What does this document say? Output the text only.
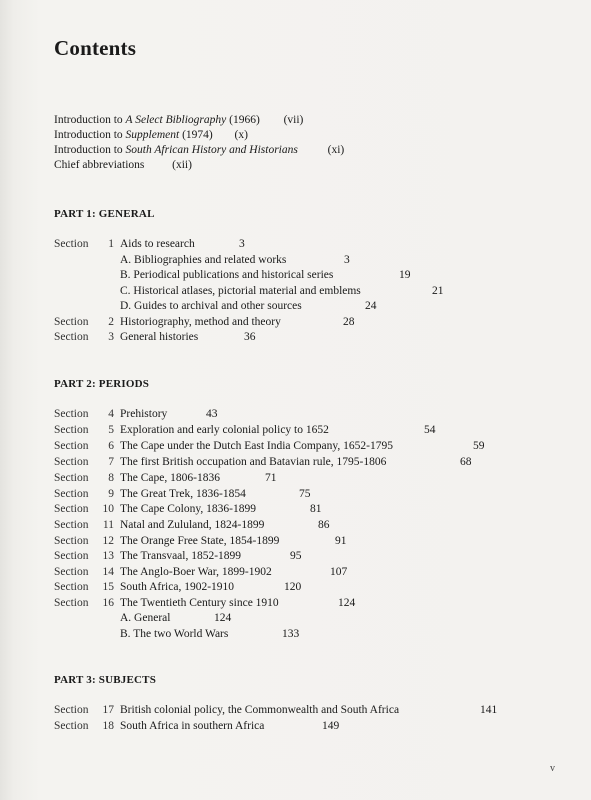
Contents
Introduction to A Select Bibliography (1966) (vii)
Introduction to Supplement (1974) (x)
Introduction to South African History and Historians	(xi)
Chief abbreviations (xii)
PART 1: GENERAL
Section	1 Aids to research	3
A. Bibliographies and related works	3
B. Periodical publications and historical series	19
C. Historical atlases, pictorial material and emblems	21
D. Guides to archival and other sources	24
Section	2 Historiography, method and theory	28
Section	3 General histories	36
PART 2: PERIODS
Section	4 Prehistory	43
Section	5 Exploration and early colonial policy to 1652	54
Section	6 The Cape under the Dutch East India Company, 1652-1795	59
Section	7 The first British occupation and Batavian rule, 1795-1806	68
Section	8 The Cape, 1806-1836	71
Section	9 The Great Trek, 1836-1854	75
Section	10 The Cape Colony, 1836-1899	81
Section	11 Natal and Zululand, 1824-1899	86
Section	12 The Orange Free State, 1854-1899	91
Section	13 The Transvaal, 1852-1899	95
Section	14 The Anglo-Boer War, 1899-1902	107
Section	15 South Africa, 1902-1910	120
Section	16 The Twentieth Century since 1910	124
A. General	124
B. The two World Wars	133
PART 3: SUBJECTS
Section	17 British colonial policy, the Commonwealth and South Africa	141
Section	18 South Africa in southern Africa	149
v
